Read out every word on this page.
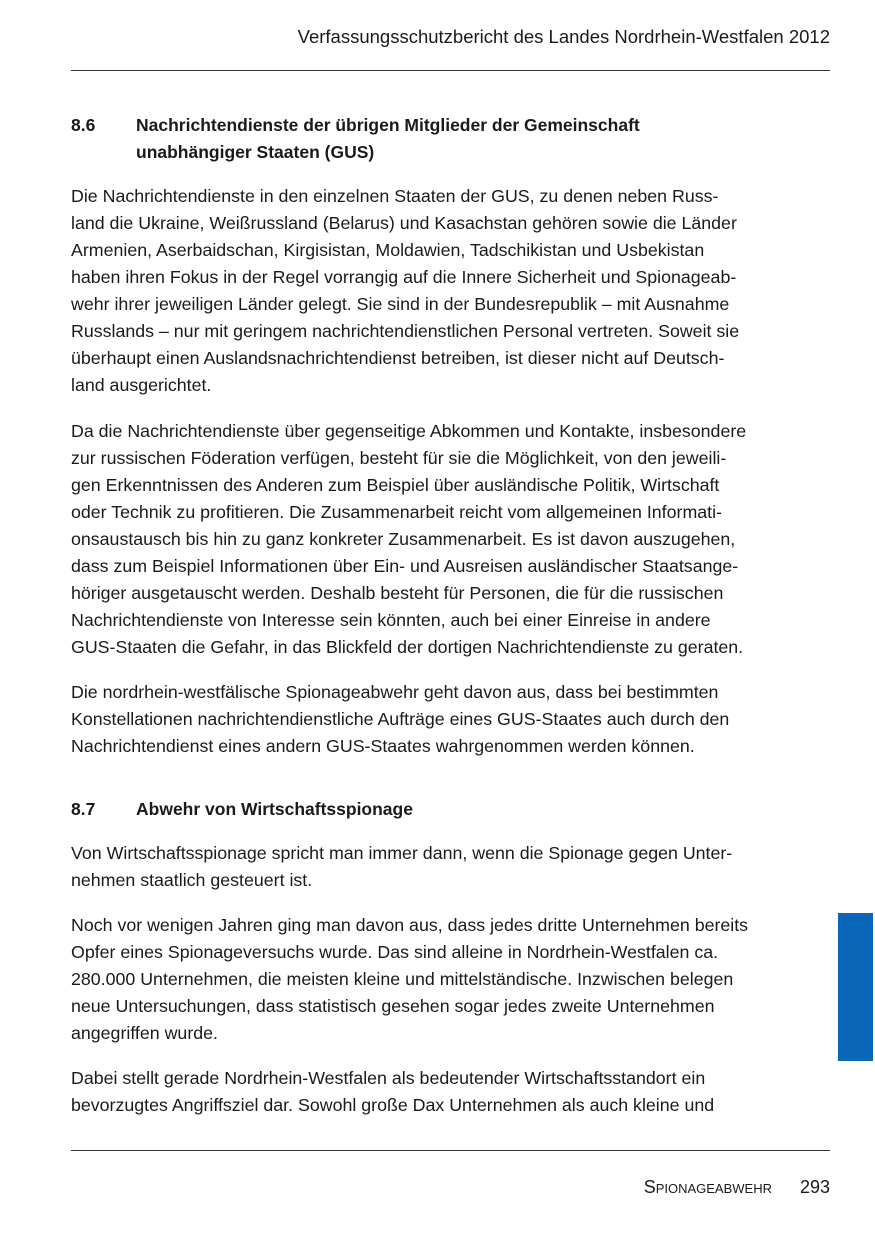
Verfassungsschutzbericht des Landes Nordrhein-Westfalen 2012
8.6 Nachrichtendienste der übrigen Mitglieder der Gemeinschaft
unabhängiger Staaten (GUS)
Die Nachrichtendienste in den einzelnen Staaten der GUS, zu denen neben Russ-
land die Ukraine, Weißrussland (Belarus) und Kasachstan gehören sowie die Länder
Armenien, Aserbaidschan, Kirgisistan, Moldawien, Tadschikistan und Usbekistan
haben ihren Fokus in der Regel vorrangig auf die Innere Sicherheit und Spionageab-
wehr ihrer jeweiligen Länder gelegt. Sie sind in der Bundesrepublik – mit Ausnahme
Russlands – nur mit geringem nachrichtendienstlichen Personal vertreten. Soweit sie
überhaupt einen Auslandsnachrichtendienst betreiben, ist dieser nicht auf Deutsch-
land ausgerichtet.
Da die Nachrichtendienste über gegenseitige Abkommen und Kontakte, insbesondere
zur russischen Föderation verfügen, besteht für sie die Möglichkeit, von den jeweili-
gen Erkenntnissen des Anderen zum Beispiel über ausländische Politik, Wirtschaft
oder Technik zu profitieren. Die Zusammenarbeit reicht vom allgemeinen Informati-
onsaustausch bis hin zu ganz konkreter Zusammenarbeit. Es ist davon auszugehen,
dass zum Beispiel Informationen über Ein- und Ausreisen ausländischer Staatsange-
höriger ausgetauscht werden. Deshalb besteht für Personen, die für die russischen
Nachrichtendienste von Interesse sein könnten, auch bei einer Einreise in andere
GUS-Staaten die Gefahr, in das Blickfeld der dortigen Nachrichtendienste zu geraten.
Die nordrhein-westfälische Spionageabwehr geht davon aus, dass bei bestimmten
Konstellationen nachrichtendienstliche Aufträge eines GUS-Staates auch durch den
Nachrichtendienst eines andern GUS-Staates wahrgenommen werden können.
8.7 Abwehr von Wirtschaftsspionage
Von Wirtschaftsspionage spricht man immer dann, wenn die Spionage gegen Unter-
nehmen staatlich gesteuert ist.
Noch vor wenigen Jahren ging man davon aus, dass jedes dritte Unternehmen bereits
Opfer eines Spionageversuchs wurde. Das sind alleine in Nordrhein-Westfalen ca.
280.000 Unternehmen, die meisten kleine und mittelständische. Inzwischen belegen
neue Untersuchungen, dass statistisch gesehen sogar jedes zweite Unternehmen
angegriffen wurde.
Dabei stellt gerade Nordrhein-Westfalen als bedeutender Wirtschaftsstandort ein
bevorzugtes Angriffsziel dar. Sowohl große Dax Unternehmen als auch kleine und
Spionageabwehr 293
